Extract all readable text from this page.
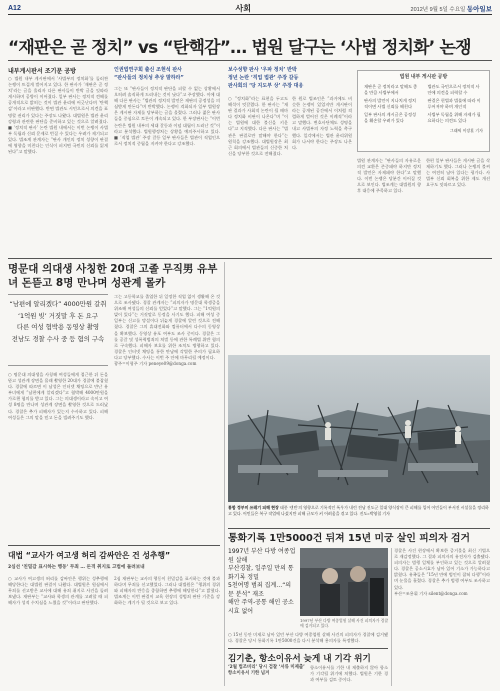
A12	사회	2012년 9월 5일 수요일 동아일보
“재판은 곧 정치” vs “탄핵감”… 법원 달구는 ‘사법 정치화’ 논쟁
내부게시판서 조기문 공방
○ 법원 내부 게시판에서 ‘사법부의 정치화’를 둘러싼 논쟁이 뜨겁게 벌어지고 있다. 한 판사가 ‘재판은 곧 정치’라는 글을 올리자 다른 판사들이 반박 글을 잇따라 게시하며 공방이 이어졌다. 일부 판사는 정치적 견해를 공개적으로 밝히는 것이 법관 윤리에 어긋난다며 ‘탄핵감’이라고 비판했다. 반면 법관도 시민으로서 의견을 표명할 권리가 있다는 주장도 나왔다. 대법원은 법관 윤리강령과 관련한 판단을 준비하고 있는 것으로 알려졌다. ■ ‘정치적 판사’ 논란 법원 내에서는 이번 논쟁이 사법부 독립과 신뢰 문제로 번질 수 있다는 우려가 제기되고 있다. 법조계 관계자는 “판사 개인의 정치 성향이 판결에 영향을 미친다는 인식이 퍼지면 국민의 신뢰를 잃게 된다”고 말했다.
인권법연구회 출신 조현석 판사
“판사들의 정치성 추상 말하라”
그는 또 “판사들이 정치적 판단을 피할 수 없는 상황에서 오히려 솔직하게 드러내는 것이 낫다”고 주장했다. 이에 대해 다른 판사는 “법관의 정치적 발언은 재판의 공정성을 의심받게 만든다”며 반박했다. 논쟁이 격화되자 일부 법원장은 게시판 자제를 당부하는 글을 올렸다. 그러나 젊은 판사들을 중심으로 토론이 계속되고 있다. 한 부장판사는 “이번 논란은 법원 내부의 세대 갈등과 이념 대립이 드러난 것”이라고 분석했다. 법원행정처는 상황을 예의주시하고 있다. ■ ‘직업 법관’ 주장 갈등 일부 판사들은 법관이 직업인으로서 정치적 중립을 지켜야 한다고 강조했다.
보수성향 판사 ‘우파 정치’ 반박
정년 논란 ‘직업 법관’ 주장 갈등
판사회의 ‘당 지도부 상’ 주장 대응
○ “정치화”라는 표현을 두고도 해석이 엇갈렸다. 한 판사는 “재판 결과가 사회적 논란이 될 때마다 정치화 비판이 나온다”며 “이는 법원에 대한 불신을 키운다”고 지적했다. 다른 판사는 “법관은 판결로만 말해야 한다”는 원칙을 강조했다. 대법원장은 최근 회의에서 법관들의 신중한 처신을 당부한 것으로 전해졌다.
한 원로 법조인은 “과거에도 비슷한 논쟁이 있었지만 게시판이라는 공개된 공간에서 이처럼 격렬하게 벌어진 것은 이례적”이라고 말했다. 변호사단체도 성명을 내고 사법부의 자정 노력을 촉구했다. 일각에서는 법관 윤리위원회가 나서야 한다는 주장도 나온다.
법원 내부 게시판 공방
재판은 곧 정치라고 말해도 좋을 만큼 사법부에서
법관도 국민으로서 정치적 사안에 의견을 피력할 수
판사의 발언이 지나치게 정치적이면 사법 신뢰를 해친다
판결은 헌법과 법률에 따라 이루어져야 하며 개인적
일부 판사의 게시글은 공정성을 훼손할 우려가 있다
사법부 독립을 위해 자제가 필요하다는 의견도 있다
그래픽 이장훈 기자
법원 관계자는 “판사들의 자유로운 의견 교환은 존중돼야 하지만 정치적 발언은 자제돼야 한다”고 말했다. 이번 논쟁은 당분간 이어질 것으로 보인다. 법조계는 대법원의 향후 대응에 주목하고 있다.
한편 일부 판사들은 게시판 글을 삭제하기도 했다. 그러나 논쟁의 불씨는 여전히 남아 있다는 평가다. 사법부 신뢰 회복을 위한 제도 개선 요구도 잇따르고 있다.
명문대 의대생 사칭한 20대 고졸 무직男 유부녀 돈뜯고 8명 만나며 성관계 몰카
“남편에 알리겠다” 4000만원 갈취
‘1억원 빚’ 거짓말 후 돈 요구
다른 여성 협박용 동영상 촬영
전남도 경찰 수사 중 등 혐의 구속
○ 명문대 의대생을 사칭해 여성들에게 접근한 뒤 돈을 뜯고 성관계 장면을 몰래 촬영한 20대가 경찰에 붙잡혔다. 경찰에 따르면 이 남성은 인터넷 채팅으로 만난 유부녀에게 “남편에게 알리겠다”고 협박해 4000만원을 가로챈 혐의를 받고 있다. 그는 의대생이라고 속이고 여성 8명을 만나며 성관계 장면을 촬영한 것으로 드러났다. 경찰은 추가 피해자가 있는지 수사하고 있다. 피해 여성들은 그의 말을 믿고 돈을 빌려주기도 했다.
그는 고등학교를 졸업한 뒤 일정한 직업 없이 생활해 온 것으로 조사됐다. 경찰 관계자는 “피의자가 명문대 학생증을 위조해 여성들의 신뢰를 얻었다”고 말했다. 그는 “1억원의 빚이 있다”는 거짓말로 동정을 사기도 했다. 피해 여성 중 일부는 신고를 망설이다 뒤늦게 경찰에 알린 것으로 전해졌다. 경찰은 그의 휴대전화와 컴퓨터에서 다수의 동영상을 확보했다. 동영상 유포 여부도 조사 중이다. 경찰은 그를 공갈 및 성폭력범죄의 처벌 등에 관한 특례법 위반 혐의로 구속했다. 피해자 보호를 위한 조치도 병행하고 있다. 경찰은 인터넷 채팅을 통한 만남에 각별한 주의가 필요하다고 당부했다. 수사는 이번 주 안에 마무리될 예정이다.
광주=이형주 기자 peneye09@donga.com
대법 “교사가 여고생 허리 감싸안은 건 성추행”
2심선 ‘친밀감 표시하는 행동’ 무죄 … 돈격 취지로 고법에 돌려보내
○ 교사가 여고생의 허리를 감싸안은 행위는 성추행에 해당한다는 대법원 판결이 나왔다. 대법원은 원심에서 무죄를 선고받은 교사에 대해 유죄 취지로 사건을 돌려보냈다. 재판부는 “교사와 학생의 관계를 고려할 때 피해자가 성적 수치심을 느꼈을 것”이라고 판단했다.
2심 재판부는 교사의 행동이 친밀감을 표시하는 것에 불과하다며 무죄를 선고했었다. 그러나 대법원은 “행위의 경위와 피해자의 반응을 종합하면 추행에 해당한다”고 밝혔다. 법조계는 이번 판결이 교육 현장의 성범죄 판단 기준을 강화하는 계기가 될 것으로 보고 있다.
통합 정부미 쓰레기 피해 현장 태풍 ‘덴빈’의 영향으로 기록적인 폭우가 내린 전남 진도군 일대 양식장이 큰 피해를 입어 어민들이 부서진 시설물을 정리하고 있다. 어민들은 복구 작업에 나섰지만 피해 규모가 커 어려움을 겪고 있다. 진도=박영철 기자
통화기록 1만5000건 뒤져 15년 미궁 살인 피의자 검거
1997년 부산 다방 여종업원 살해
부산경찰, 일주일 만의 통화기록 정밀
5천여명 범죄 집계…“의문 분석” 재조
해안 주역-공통 해인 공소시효 없어
1997년 부산 다방 여종업원 살해 사건 피의자가 경찰에 검거되고 있다.
○ 15년 동안 미제로 남아 있던 부산 다방 여종업원 살해 사건의 피의자가 경찰에 검거됐다. 경찰은 당시 통화기록 1만5000건을 다시 분석해 용의자를 특정했다.
경찰은 사건 현장에서 확보한 증거물을 최신 기법으로 재감정했다. 그 결과 피의자의 유전자가 검출됐다. 피의자는 범행 일체를 부인하고 있는 것으로 알려졌다. 경찰은 공소시효가 남아 있어 기소가 가능하다고 밝혔다. 유족들은 “15년 만에 범인이 잡혀 다행”이라며 눈물을 흘렸다. 경찰은 추가 범행 여부도 조사하고 있다.
부산=조용휘 기자 silent@donga.com
김기춘, 항소이유서 늦게 내 기각 위기
‘2월 법조비리’ 당시 검찰 ‘서류 미제출’ 항소이유서 기한 넘겨
항소이유서를 기한 내 제출하지 않아 항소가 기각될 위기에 처했다. 법원은 기한 경과 여부를 검토 중이다.
